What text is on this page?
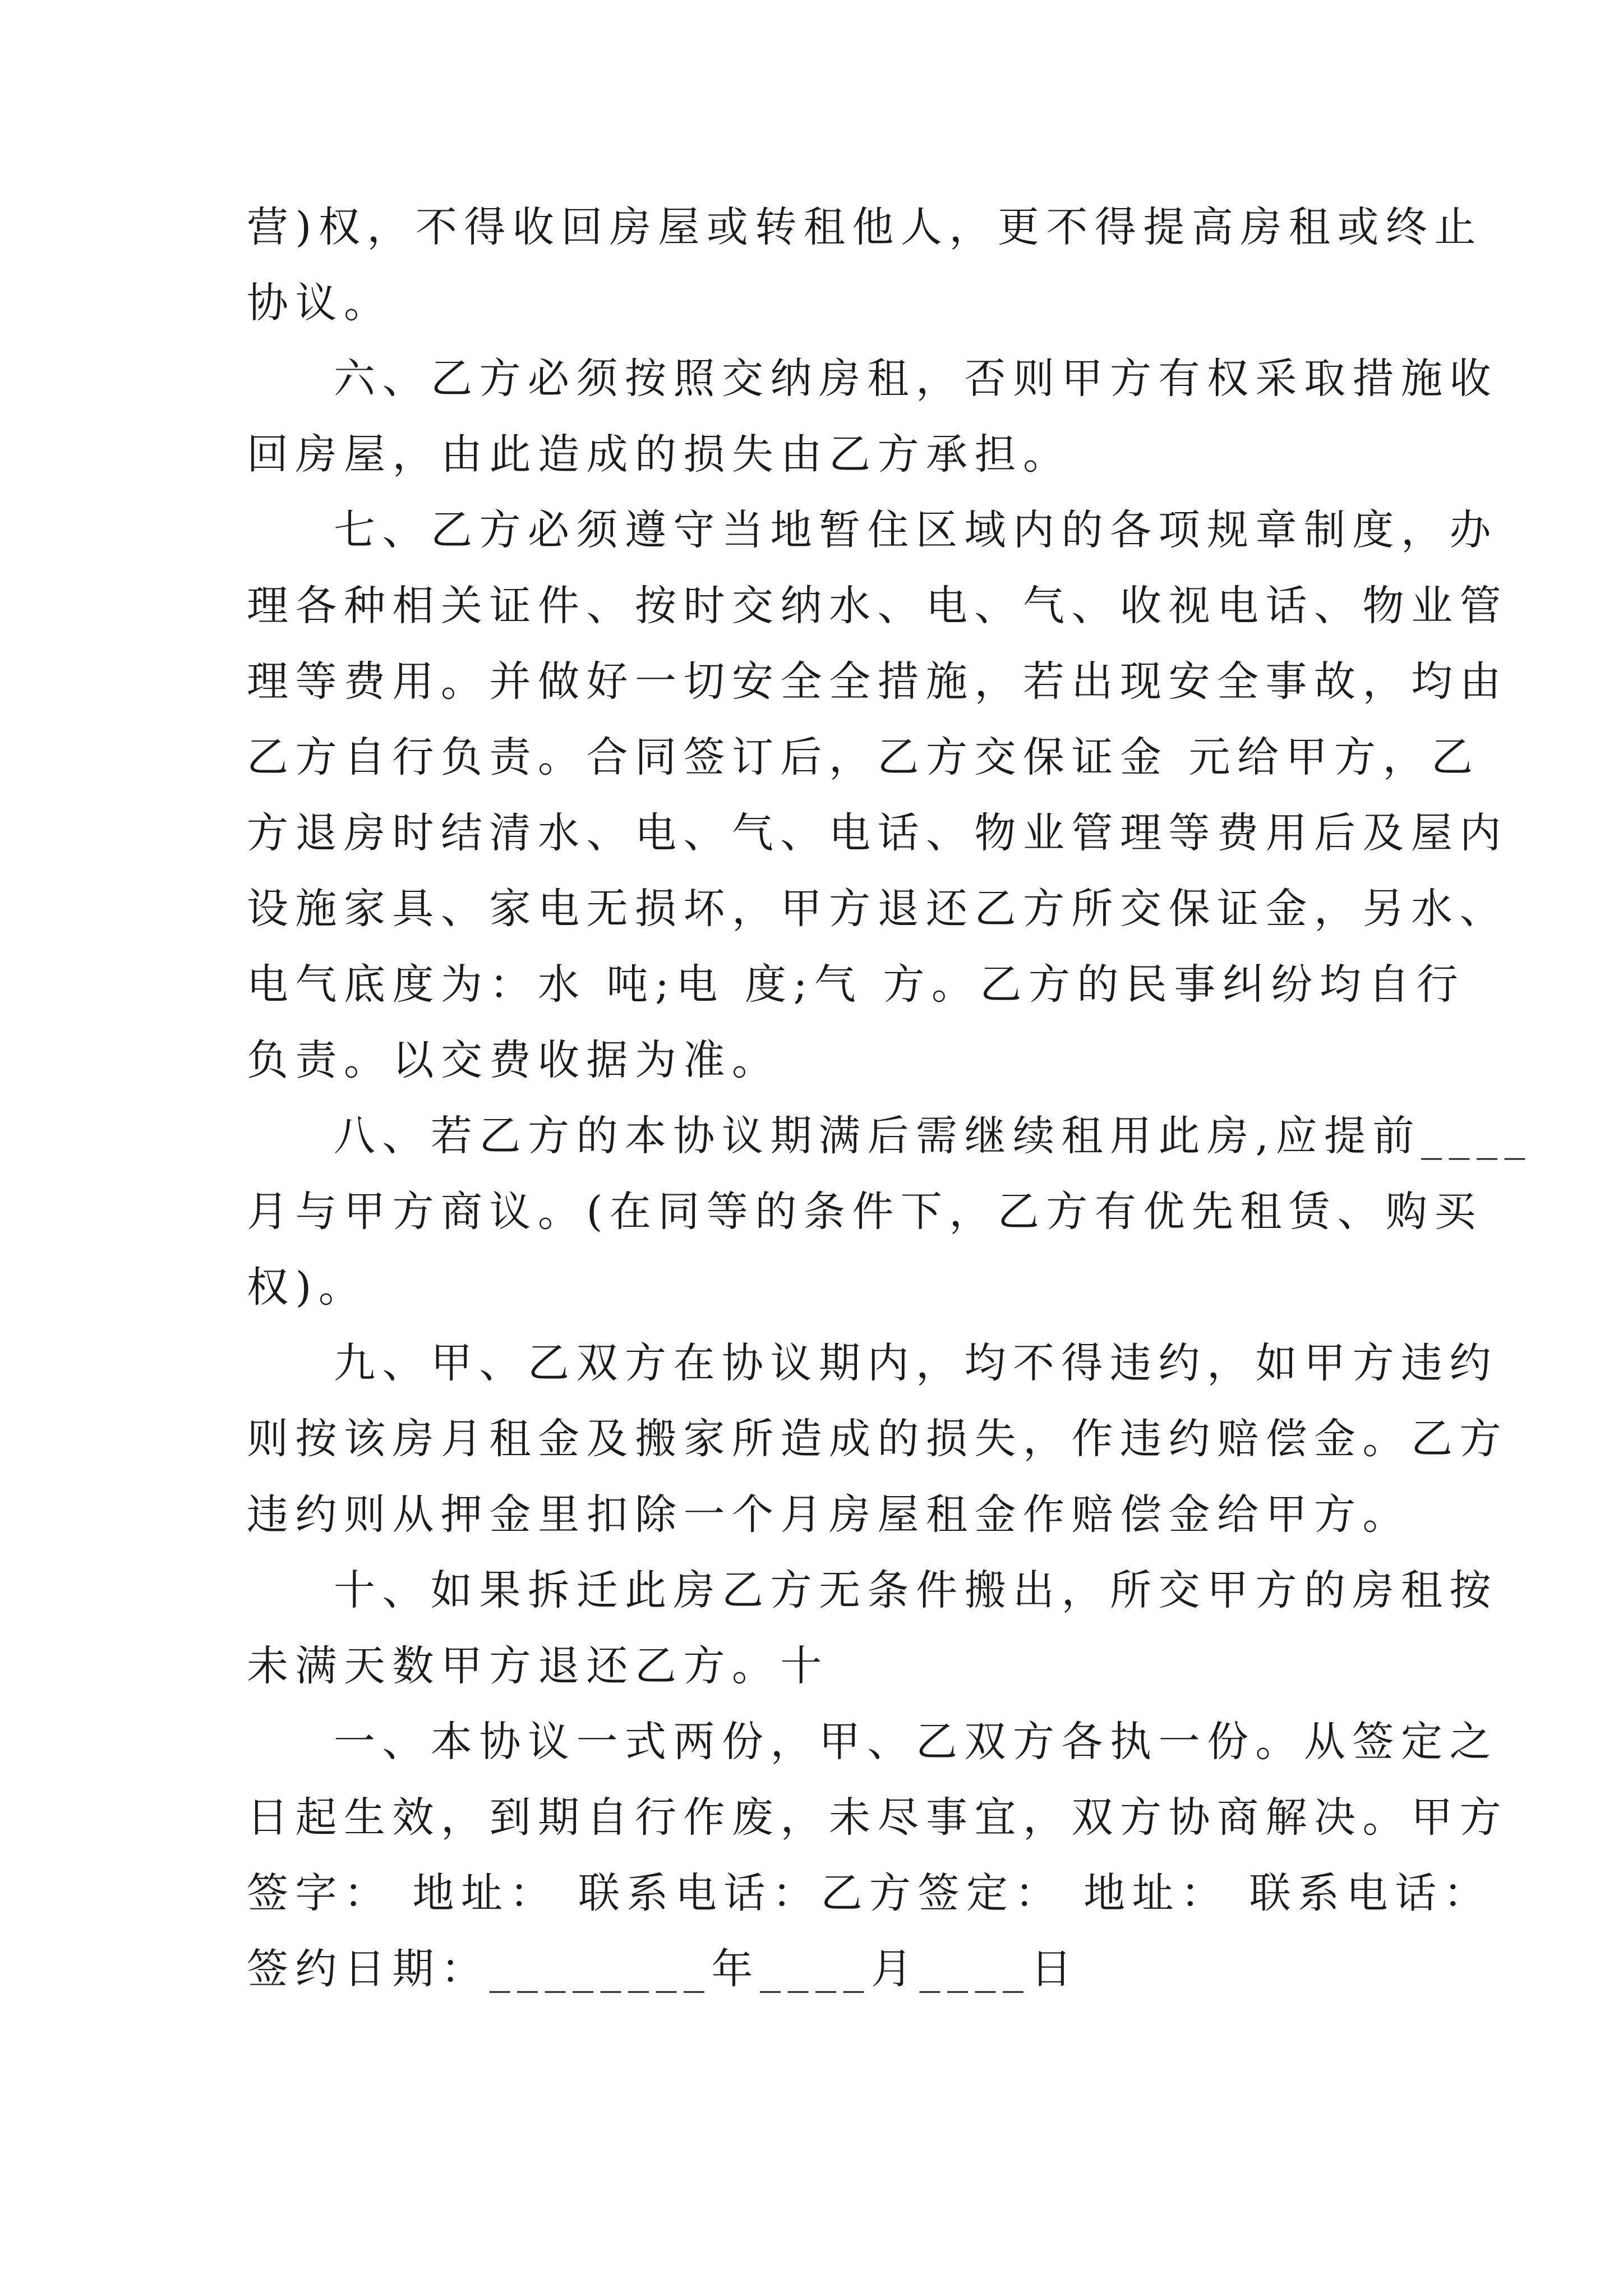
营)权，不得收回房屋或转租他人，更不得提高房租或终止
协议。
六、乙方必须按照交纳房租，否则甲方有权采取措施收
回房屋，由此造成的损失由乙方承担。
七、乙方必须遵守当地暂住区域内的各项规章制度，办
理各种相关证件、按时交纳水、电、气、收视电话、物业管
理等费用。并做好一切安全全措施，若出现安全事故，均由
乙方自行负责。合同签订后，乙方交保证金 元给甲方，乙
方退房时结清水、电、气、电话、物业管理等费用后及屋内
设施家具、家电无损坏，甲方退还乙方所交保证金，另水、
电气底度为：水 吨;电 度;气 方。乙方的民事纠纷均自行
负责。以交费收据为准。
八、若乙方的本协议期满后需继续租用此房,应提前____
月与甲方商议。(在同等的条件下，乙方有优先租赁、购买
权)。
九、甲、乙双方在协议期内，均不得违约，如甲方违约
则按该房月租金及搬家所造成的损失，作违约赔偿金。乙方
违约则从押金里扣除一个月房屋租金作赔偿金给甲方。
十、如果拆迁此房乙方无条件搬出，所交甲方的房租按
未满天数甲方退还乙方。十
一、本协议一式两份，甲、乙双方各执一份。从签定之
日起生效，到期自行作废，未尽事宜，双方协商解决。甲方
签字： 地址： 联系电话：乙方签定： 地址： 联系电话：
签约日期：________年____月____日
